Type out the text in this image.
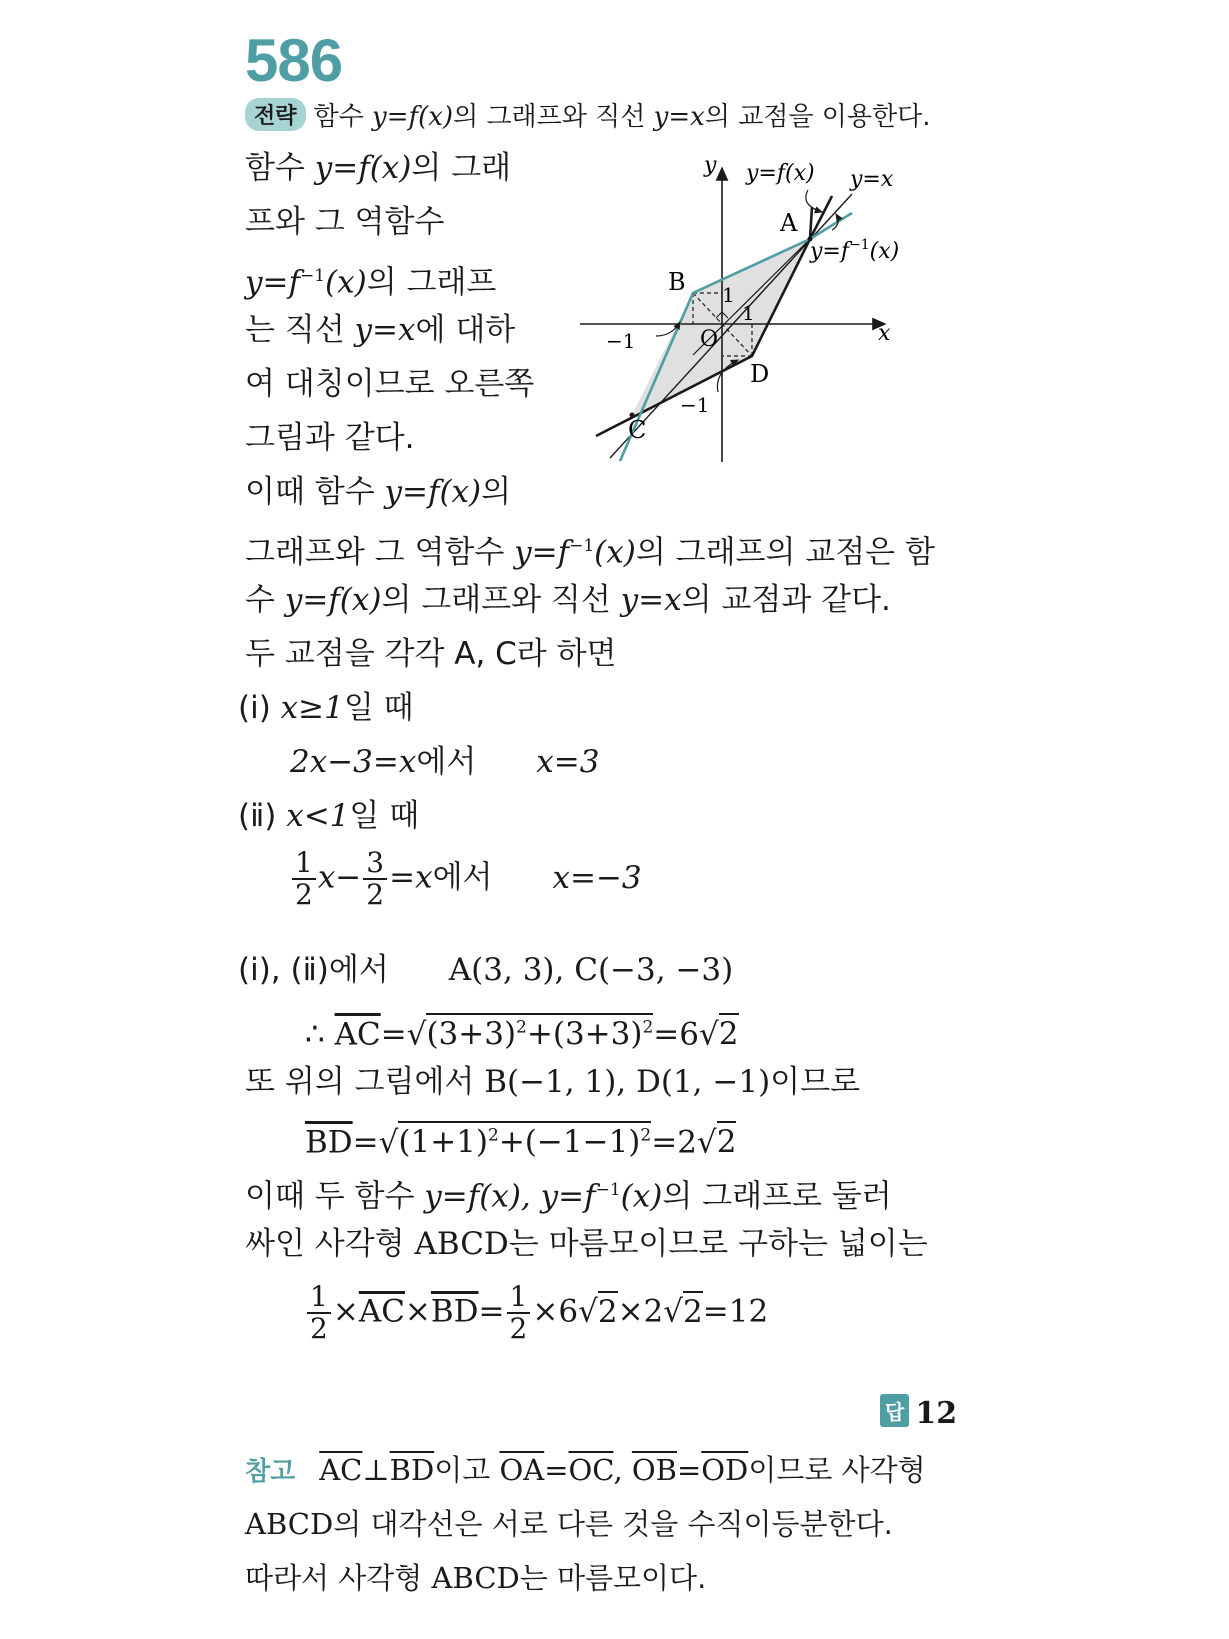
586
전략 함수 y=f(x)의 그래프와 직선 y=x의 교점을 이용한다.
함수 y=f(x)의 그래
프와 그 역함수
$y=f^{-1}(x)$의 그래프
는 직선 y=x에 대하
여 대칭이므로 오른쪽
그림과 같다.
이때 함수 y=f(x)의
그래프와 그 역함수 $y=f^{-1}(x)$의 그래프의 교점은 함
수 y=f(x)의 그래프와 직선 y=x의 교점과 같다.
두 교점을 각각 A, C라 하면
(ⅰ) x≥1일 때
2x−3=x에서 x=3
(ⅱ) x<1일 때
$\frac{1}{2} x- \frac{3}{2} =x$에서 x=−3
(ⅰ), (ⅱ)에서 A(3, 3), C(−3, −3)
∴ $\overline{AC}=√(3+3)^2+(3+3)^2=6√2$
또 위의 그림에서 B(−1, 1), D(1, −1)이므로
$\overline{BD}=√(1+1)^2+(-1-1)^2=2√2$
이때 두 함수 y=f(x), $y=f^{-1}(x)$의 그래프로 둘러
싸인 사각형 ABCD는 마름모이므로 구하는 넓이는
$\frac{1}{2} \times\overline{AC}\times\overline{BD}= \frac{1}{2} \times 6√2\times 2√2=12$
답 12
참고 $\overline{AC}\perp\overline{BD}$이고 $\overline{OA}=\overline{OC}$, $\overline{OB}=\overline{OD}$이므로 사각형
ABCD의 대각선은 서로 다른 것을 수직이등분한다.
따라서 사각형 ABCD는 마름모이다.
y
x
O
y=f(x) y=x
$y=f^{-1}(x)$
A
B
C
D
1
1
−1
−1
